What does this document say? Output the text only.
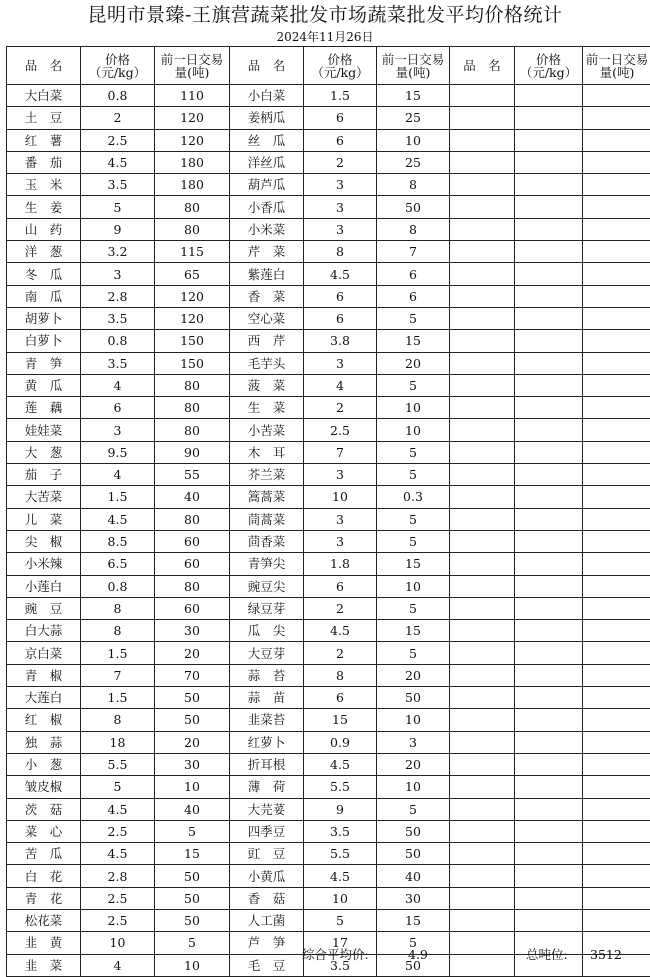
昆明市景臻-王旗营蔬菜批发市场蔬菜批发平均价格统计
2024年11月26日
品　名	价格（元/kg）	前一日交易量(吨)	品　名	价格（元/kg）	前一日交易量(吨)	品　名	价格（元/kg）	前一日交易量(吨)
大白菜	0.8	110	小白菜	1.5	15			
土　豆	2	120	姜柄瓜	6	25			
红　薯	2.5	120	丝　瓜	6	10			
番　茄	4.5	180	洋丝瓜	2	25			
玉　米	3.5	180	葫芦瓜	3	8			
生　姜	5	80	小香瓜	3	50			
山　药	9	80	小米菜	3	8			
洋　葱	3.2	115	芹　菜	8	7			
冬　瓜	3	65	紫莲白	4.5	6			
南　瓜	2.8	120	香　菜	6	6			
胡萝卜	3.5	120	空心菜	6	5			
白萝卜	0.8	150	西　芹	3.8	15			
青　笋	3.5	150	毛芋头	3	20			
黄　瓜	4	80	菠　菜	4	5			
莲　藕	6	80	生　菜	2	10			
娃娃菜	3	80	小苦菜	2.5	10			
大　葱	9.5	90	木　耳	7	5			
茄　子	4	55	芥兰菜	3	5			
大苦菜	1.5	40	篙蒿菜	10	0.3			
儿　菜	4.5	80	茼蒿菜	3	5			
尖　椒	8.5	60	茴香菜	3	5			
小米辣	6.5	60	青笋尖	1.8	15			
小莲白	0.8	80	豌豆尖	6	10			
豌　豆	8	60	绿豆芽	2	5			
白大蒜	8	30	瓜　尖	4.5	15			
京白菜	1.5	20	大豆芽	2	5			
青　椒	7	70	蒜　苔	8	20			
大莲白	1.5	50	蒜　苗	6	50			
红　椒	8	50	韭菜苔	15	10			
独　蒜	18	20	红萝卜	0.9	3			
小　葱	5.5	30	折耳根	4.5	20			
皱皮椒	5	10	薄　荷	5.5	10			
茨　菇	4.5	40	大芫荽	9	5			
菜　心	2.5	5	四季豆	3.5	50			
苦　瓜	4.5	15	豇　豆	5.5	50			
白　花	2.8	50	小黄瓜	4.5	40			
青　花	2.5	50	香　菇	10	30			
松花菜	2.5	50	人工菌	5	15			
韭　黄	10	5	芦　笋	17	5			
韭　菜	4	10	毛　豆	3.5	50			
综合平均价:	4.9	总吨位: 3512
